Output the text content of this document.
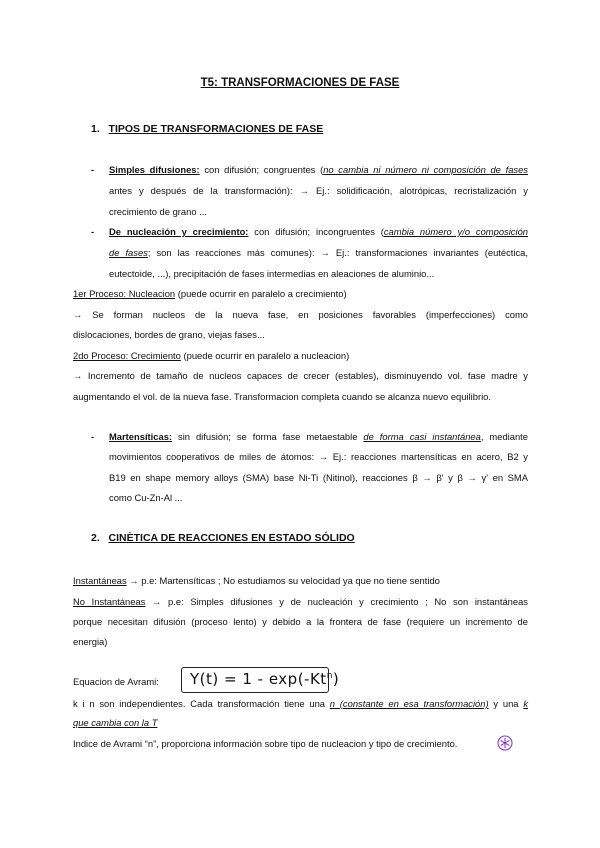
T5: TRANSFORMACIONES DE FASE
1. TIPOS DE TRANSFORMACIONES DE FASE
- Simples difusiones: con difusión; congruentes (no cambia ni número ni composición de fases
antes y después de la transformación): → Ej.: solidificación, alotrópicas, recristalización y
crecimiento de grano ...
- De nucleación y crecimiento: con difusión; incongruentes (cambia número y/o composición
de fases; son las reacciones más comunes): → Ej.: transformaciones invariantes (eutéctica,
eutectoide, ...), precipitación de fases intermedias en aleaciones de aluminio...
1er Proceso: Nucleacion (puede ocurrir en paralelo a crecimiento)
→ Se forman nucleos de la nueva fase, en posiciones favorables (imperfecciones) como
dislocaciones, bordes de grano, viejas fases...
2do Proceso: Crecimiento (puede ocurrir en paralelo a nucleacion)
→ Incremento de tamaño de nucleos capaces de crecer (estables), disminuyendo vol. fase madre y
augmentando el vol. de la nueva fase. Transformacion completa cuando se alcanza nuevo equilibrio.
- Martensíticas: sin difusión; se forma fase metaestable de forma casi instantánea, mediante
movimientos cooperativos de miles de átomos: → Ej.: reacciones martensíticas en acero, B2 y
B19 en shape memory alloys (SMA) base Ni-Ti (Nitinol), reacciones β → β' y β → γ' en SMA
como Cu-Zn-Al ...
2. CINÈTICA DE REACCIONES EN ESTADO SÓLIDO
Instantáneas → p.e: Martensíticas ; No estudiamos su velocidad ya que no tiene sentido
No Instantáneas → p.e: Simples difusiones y de nucleación y crecimiento ; No son instantáneas
porque necesitan difusión (proceso lento) y debido a la frontera de fase (requiere un incremento de
energia)
Equacion de Avrami: Y(t) = 1 - exp(-Kt$^n$)
k i n son independientes. Cada transformación tiene una n (constante en esa transformación) y una k
que cambia con la T
Indice de Avrami “n”, proporciona información sobre tipo de nucleacion y tipo de crecimiento.
